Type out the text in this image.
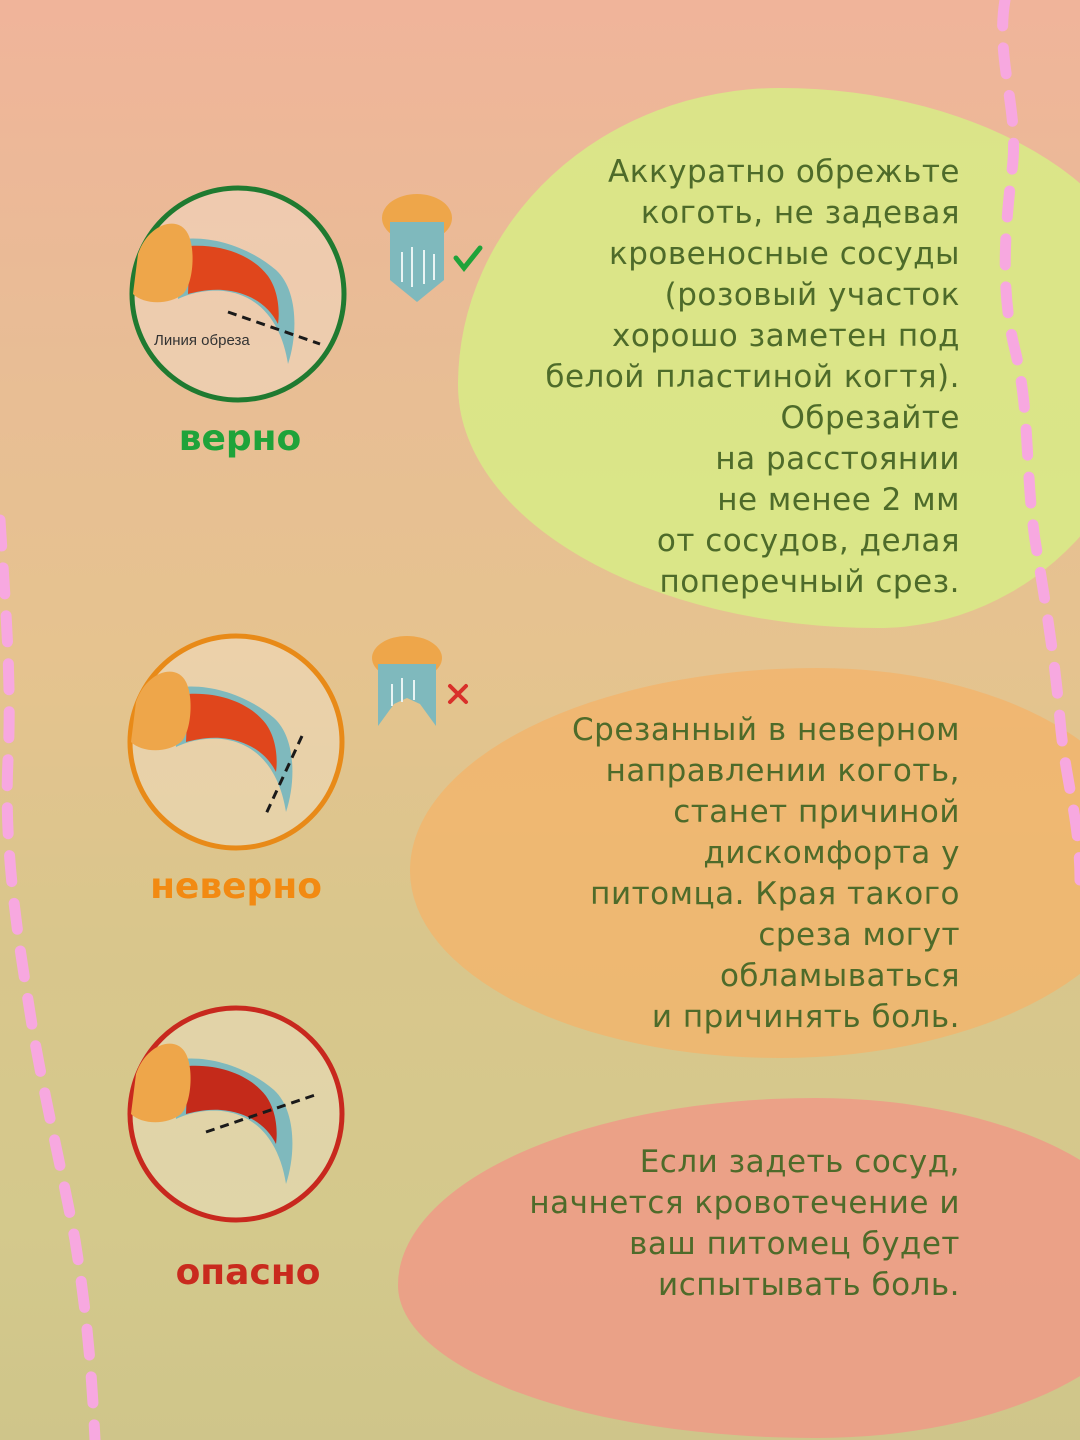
Линия обреза
верно
Аккуратно обрежьте
коготь, не задевая
кровеносные сосуды
(розовый участок
хорошо заметен под
белой пластиной когтя).
Обрезайте
на расстоянии
не менее 2 мм
от сосудов, делая
поперечный срез.
неверно
Срезанный в неверном
направлении коготь,
станет причиной
дискомфорта у
питомца. Края такого
среза могут
обламываться
и причинять боль.
опасно
Если задеть сосуд,
начнется кровотечение и
ваш питомец будет
испытывать боль.
